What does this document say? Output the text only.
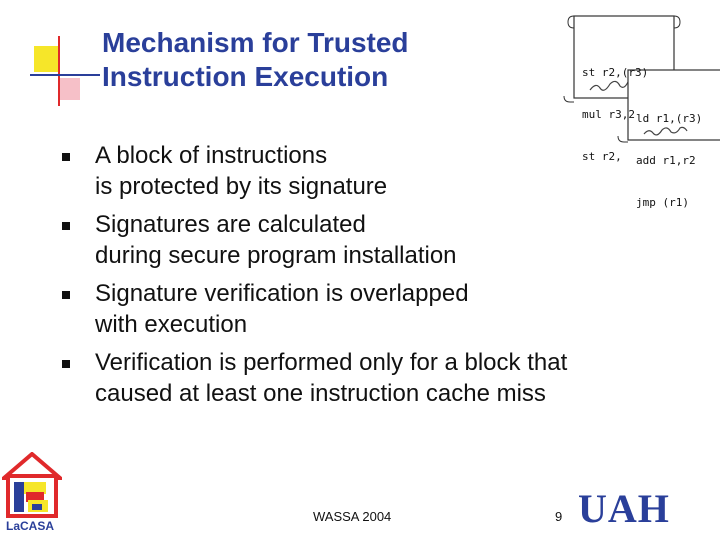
Mechanism for Trusted
Instruction Execution

	st r2,(r3)

mul r3,2

st r2,

ld r1,(r3)

add r1,r2

jmp (r1)

A block of instructions
is protected by its signature
Signatures are calculated
during secure program installation
Signature verification is overlapped
with execution
Verification is performed only for a block that
caused at least one instruction cache miss
LaCASA
WASSA 2004	9 UAH
